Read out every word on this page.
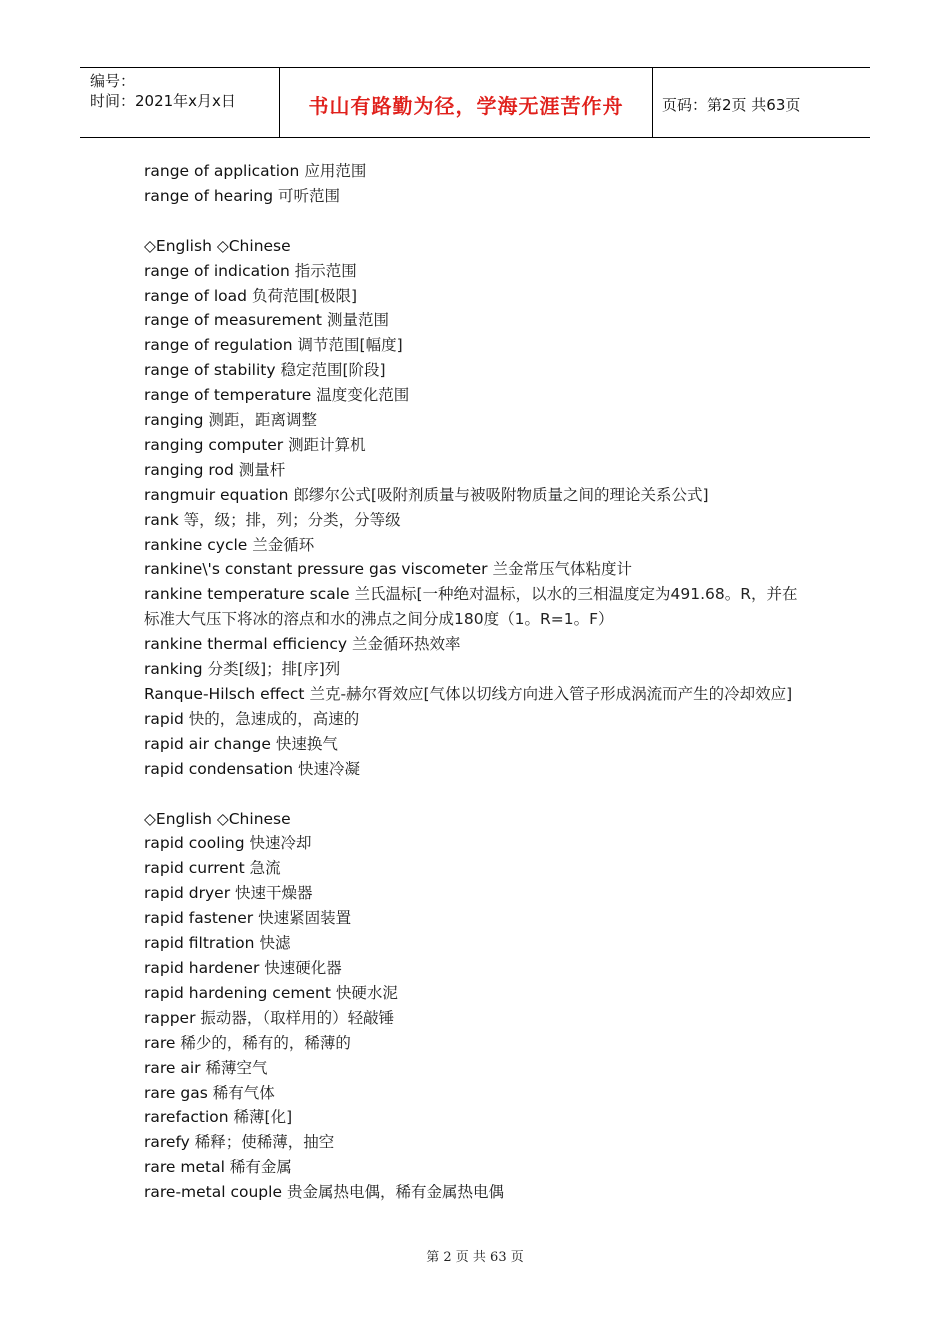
编号：
时间：2021年x月x日	书山有路勤为径，学海无涯苦作舟	页码：第2页 共63页
range of application 应用范围
range of hearing 可听范围
◇English ◇Chinese
range of indication 指示范围
range of load 负荷范围[极限]
range of measurement 测量范围
range of regulation 调节范围[幅度]
range of stability 稳定范围[阶段]
range of temperature 温度变化范围
ranging 测距，距离调整
ranging computer 测距计算机
ranging rod 测量杆
rangmuir equation 郎缪尔公式[吸附剂质量与被吸附物质量之间的理论关系公式]
rank 等，级；排，列；分类，分等级
rankine cycle 兰金循环
rankine\'s constant pressure gas viscometer 兰金常压气体粘度计
rankine temperature scale 兰氏温标[一种绝对温标，以水的三相温度定为491.68。R，并在标准大气压下将冰的溶点和水的沸点之间分成180度（1。R=1。F）
rankine thermal efficiency 兰金循环热效率
ranking 分类[级]；排[序]列
Ranque-Hilsch effect 兰克-赫尔胥效应[气体以切线方向进入管子形成涡流而产生的冷却效应]
rapid 快的，急速成的，高速的
rapid air change 快速换气
rapid condensation 快速冷凝
◇English ◇Chinese
rapid cooling 快速冷却
rapid current 急流
rapid dryer 快速干燥器
rapid fastener 快速紧固装置
rapid filtration 快滤
rapid hardener 快速硬化器
rapid hardening cement 快硬水泥
rapper 振动器，（取样用的）轻敲锤
rare 稀少的，稀有的，稀薄的
rare air 稀薄空气
rare gas 稀有气体
rarefaction 稀薄[化]
rarefy 稀释；使稀薄，抽空
rare metal 稀有金属
rare-metal couple 贵金属热电偶，稀有金属热电偶
第 2 页 共 63 页
